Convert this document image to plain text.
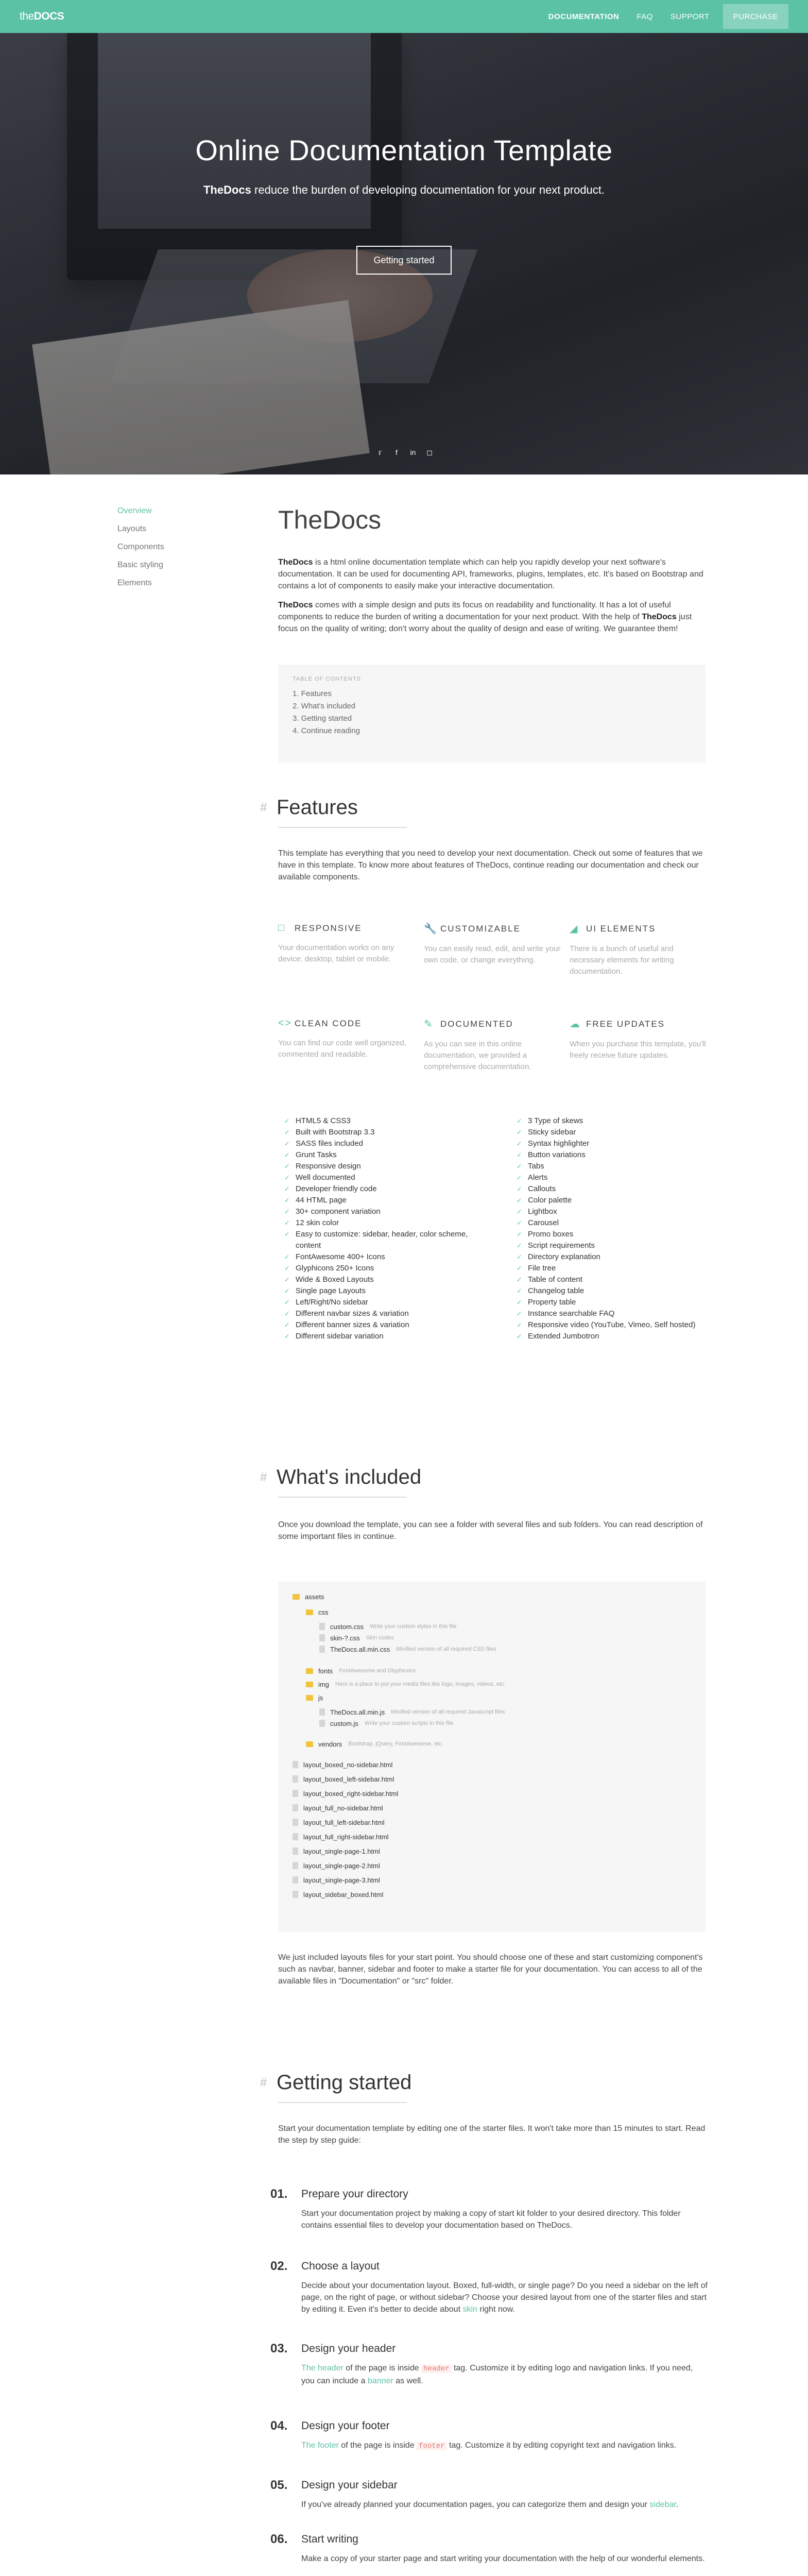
theDOCS	DOCUMENTATION FAQ SUPPORT	PURCHASE
Online Documentation Template
TheDocs reduce the burden of developing documentation for your next product.
Getting started
𝕣	f	in ◻
Overview
Layouts
Components
Basic styling
Elements
TheDocs

TheDocs is a html online documentation template which can help you rapidly develop your next software's documentation. It can be used for documenting API, frameworks, plugins, templates, etc. It's based on Bootstrap and contains a lot of components to easily make your interactive documentation.

TheDocs comes with a simple design and puts its focus on readability and functionality. It has a lot of useful components to reduce the burden of writing a documentation for your next product. With the help of TheDocs just focus on the quality of writing; don't worry about the quality of design and ease of writing. We guarantee them!

TABLE OF CONTENTS
1. Features
2. What's included
3. Getting started
4. Continue reading
# Features

This template has everything that you need to develop your next documentation. Check out some of features that we have in this template. To know more about features of TheDocs, continue reading our documentation and check our available components.

□ RESPONSIVE

Your documentation works on any device: desktop, tablet or mobile.

🔧 CUSTOMIZABLE

You can easily read, edit, and write your own code, or change everything.

◢ UI ELEMENTS

There is a bunch of useful and necessary elements for writing documentation.

<> CLEAN CODE

You can find our code well organized, commented and readable.

✎ DOCUMENTED

As you can see in this online documentation, we provided a comprehensive documentation.

☁ FREE UPDATES

When you purchase this template, you'll freely receive future updates.

✓ HTML5 & CSS3
✓ Built with Bootstrap 3.3
✓ SASS files included
✓ Grunt Tasks
✓ Responsive design
✓ Well documented
✓ Developer friendly code
✓ 44 HTML page
✓ 30+ component variation
✓ 12 skin color
✓ Easy to customize: sidebar, header, color scheme, content
✓ FontAwesome 400+ Icons
✓ Glyphicons 250+ Icons
✓ Wide & Boxed Layouts
✓ Single page Layouts
✓ Left/Right/No sidebar
✓ Different navbar sizes & variation
✓ Different banner sizes & variation
✓ Different sidebar variation
✓ 3 Type of skews
✓ Sticky sidebar
✓ Syntax highlighter
✓ Button variations
✓ Tabs
✓ Alerts
✓ Callouts
✓ Color palette
✓ Lightbox
✓ Carousel
✓ Promo boxes
✓ Script requirements
✓ Directory explanation
✓ File tree
✓ Table of content
✓ Changelog table
✓ Property table
✓ Instance searchable FAQ
✓ Responsive video (YouTube, Vimeo, Self hosted)
✓ Extended Jumbotron
# What's included

Once you download the template, you can see a folder with several files and sub folders. You can read description of some important files in continue.

assets
css
custom.css Write your custom styles in this file
skin-?.css Skin codes
TheDocs.all.min.css Minified version of all required CSS files
fonts FontAwesome and Glyphicons
img Here is a place to put your media files like logo, images, videos, etc.
js
TheDocs.all.min.js Minified version of all required Javascript files
custom.js Write your custom scripts in this file
vendors Bootstrap, jQuery, FontAwesome, etc.
layout_boxed_no-sidebar.html
layout_boxed_left-sidebar.html
layout_boxed_right-sidebar.html
layout_full_no-sidebar.html
layout_full_left-sidebar.html
layout_full_right-sidebar.html
layout_single-page-1.html
layout_single-page-2.html
layout_single-page-3.html
layout_sidebar_boxed.html

We just included layouts files for your start point. You should choose one of these and start customizing component's such as navbar, banner, sidebar and footer to make a starter file for your documentation. You can access to all of the available files in "Documentation" or "src" folder.

# Getting started

Start your documentation template by editing one of the starter files. It won't take more than 15 minutes to start. Read the step by step guide:

01. Prepare your directory
Start your documentation project by making a copy of start kit folder to your desired directory. This folder contains essential files to develop your documentation based on TheDocs.
02. Choose a layout
Decide about your documentation layout. Boxed, full-width, or single page? Do you need a sidebar on the left of page, on the right of page, or without sidebar? Choose your desired layout from one of the starter files and start by editing it. Even it's better to decide about skin right now.
03. Design your header
The header of the page is inside header tag. Customize it by editing logo and navigation links. If you need, you can include a banner as well.
04. Design your footer
The footer of the page is inside footer tag. Customize it by editing copyright text and navigation links.
05. Design your sidebar
If you've already planned your documentation pages, you can categorize them and design your sidebar.
06. Start writing
Make a copy of your starter page and start writing your documentation with the help of our wonderful elements.
